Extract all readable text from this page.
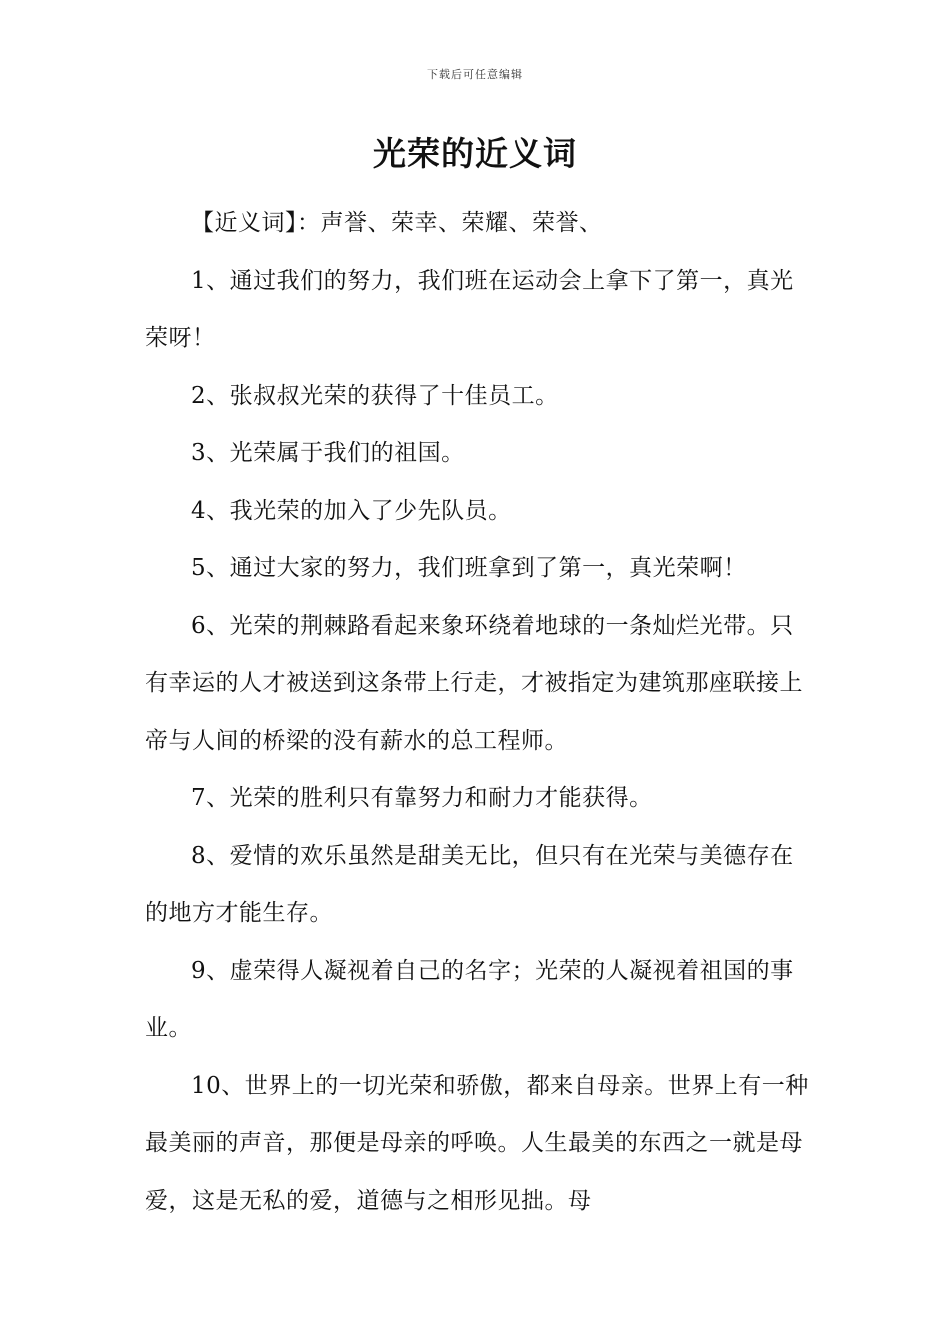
下载后可任意编辑
光荣的近义词

【近义词】：声誉、荣幸、荣耀、荣誉、

1、通过我们的努力，我们班在运动会上拿下了第一，真光荣呀！

2、张叔叔光荣的获得了十佳员工。

3、光荣属于我们的祖国。

4、我光荣的加入了少先队员。

5、通过大家的努力，我们班拿到了第一，真光荣啊！

6、光荣的荆棘路看起来象环绕着地球的一条灿烂光带。只有幸运的人才被送到这条带上行走，才被指定为建筑那座联接上帝与人间的桥梁的没有薪水的总工程师。

7、光荣的胜利只有靠努力和耐力才能获得。

8、爱情的欢乐虽然是甜美无比，但只有在光荣与美德存在的地方才能生存。

9、虚荣得人凝视着自己的名字；光荣的人凝视着祖国的事业。

10、世界上的一切光荣和骄傲，都来自母亲。世界上有一种最美丽的声音，那便是母亲的呼唤。人生最美的东西之一就是母爱，这是无私的爱，道德与之相形见拙。母
